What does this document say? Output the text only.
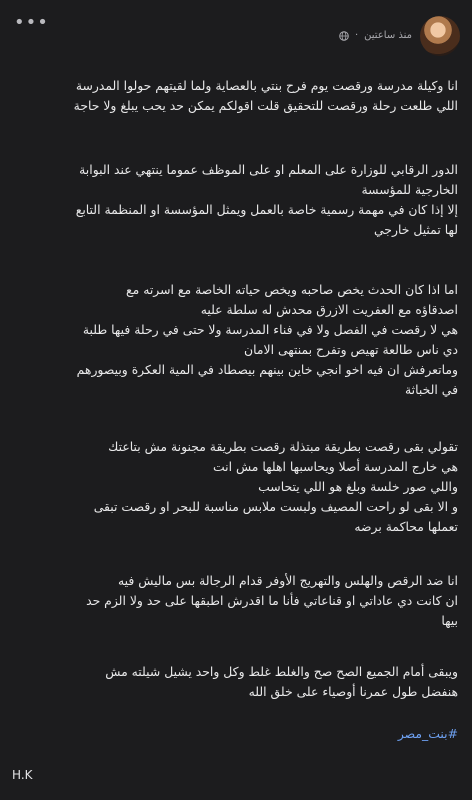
منذ ساعتين
·
•••

انا وكيلة مدرسة ورقصت يوم فرح بنتي بالعصاية ولما لقيتهم حولوا المدرسة
اللي طلعت رحلة ورقصت للتحقيق قلت اقولكم يمكن حد يحب يبلغ ولا حاجة

الدور الرقابي للوزارة على المعلم او على الموظف عموما ينتهي عند البوابة
الخارجية للمؤسسة
إلا إذا كان في مهمة رسمية خاصة بالعمل ويمثل المؤسسة او المنظمة التابع
لها تمثيل خارجي

اما اذا كان الحدث يخص صاحبه ويخص حياته الخاصة مع اسرته مع
اصدقاؤه مع العفريت الازرق محدش له سلطة عليه
هي لا رقصت في الفصل ولا في فناء المدرسة ولا حتى في رحلة فيها طلبة
دي ناس طالعة تهيص وتفرح بمنتهى الامان
وماتعرفش ان فيه اخو انجي خاين بينهم بيصطاد في المية العكرة وبيصورهم
في الخباثة

تقولي بقى رقصت بطريقة مبتذلة رقصت بطريقة مجنونة مش بتاعتك
هي خارج المدرسة أصلا ويحاسبها اهلها مش انت
واللي صور خلسة وبلغ هو اللي يتحاسب
و الا بقى لو راحت المصيف ولبست ملابس مناسبة للبحر او رقصت تبقى
تعملها محاكمة برضه

انا ضد الرقص والهلس والتهريج الأوفر قدام الرجالة بس ماليش فيه
ان كانت دي عاداتي او قناعاتي فأنا ما اقدرش اطبقها على حد ولا الزم حد
بيها

ويبقى أمام الجميع الصح صح والغلط غلط وكل واحد يشيل شيلته مش
هنفضل طول عمرنا أوصياء على خلق الله

#بنت_مصر
H.K
